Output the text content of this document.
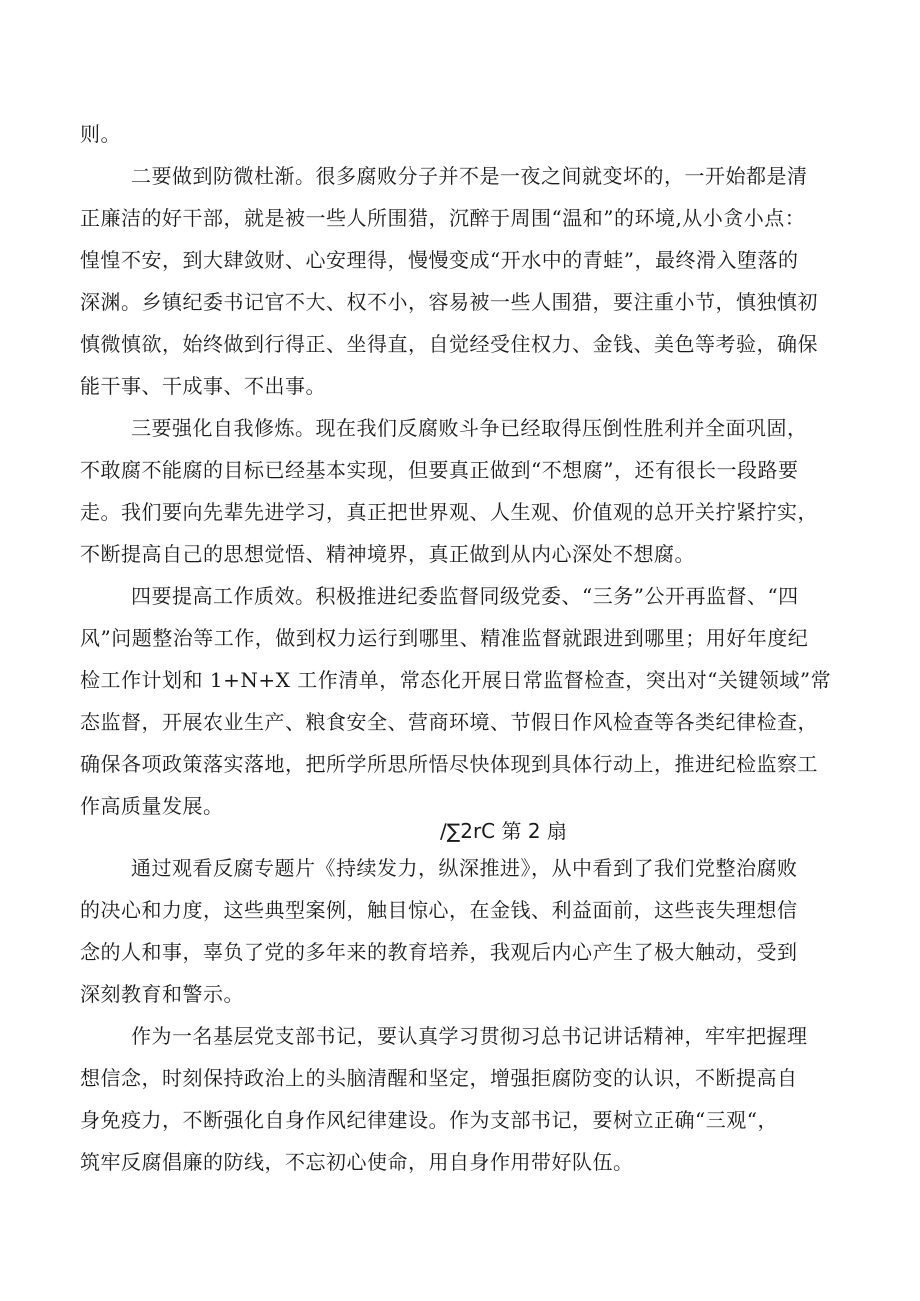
则。
二要做到防微杜渐。很多腐败分子并不是一夜之间就变坏的，一开始都是清
正廉洁的好干部，就是被一些人所围猎，沉醉于周围“温和”的环境,从小贪小点：
惶惶不安，到大肆敛财、心安理得，慢慢变成“开水中的青蛙”，最终滑入堕落的
深渊。乡镇纪委书记官不大、权不小，容易被一些人围猎，要注重小节，慎独慎初
慎微慎欲，始终做到行得正、坐得直，自觉经受住权力、金钱、美色等考验，确保
能干事、干成事、不出事。
三要强化自我修炼。现在我们反腐败斗争已经取得压倒性胜利并全面巩固，
不敢腐不能腐的目标已经基本实现，但要真正做到“不想腐”，还有很长一段路要
走。我们要向先辈先进学习，真正把世界观、人生观、价值观的总开关拧紧拧实，
不断提高自己的思想觉悟、精神境界，真正做到从内心深处不想腐。
四要提高工作质效。积极推进纪委监督同级党委、“三务”公开再监督、“四
风”问题整治等工作，做到权力运行到哪里、精准监督就跟进到哪里；用好年度纪
检工作计划和 1+N+X 工作清单，常态化开展日常监督检查，突出对“关键领域”常
态监督，开展农业生产、粮食安全、营商环境、节假日作风检查等各类纪律检查，
确保各项政策落实落地，把所学所思所悟尽快体现到具体行动上，推进纪检监察工
作高质量发展。
∕∑2rC 第 2 扇
通过观看反腐专题片《持续发力，纵深推进》，从中看到了我们党整治腐败
的决心和力度，这些典型案例，触目惊心，在金钱、利益面前，这些丧失理想信
念的人和事，辜负了党的多年来的教育培养，我观后内心产生了极大触动，受到
深刻教育和警示。
作为一名基层党支部书记，要认真学习贯彻习总书记讲话精神，牢牢把握理
想信念，时刻保持政治上的头脑清醒和坚定，增强拒腐防变的认识，不断提高自
身免疫力，不断强化自身作风纪律建设。作为支部书记，要树立正确“三观“，
筑牢反腐倡廉的防线，不忘初心使命，用自身作用带好队伍。
